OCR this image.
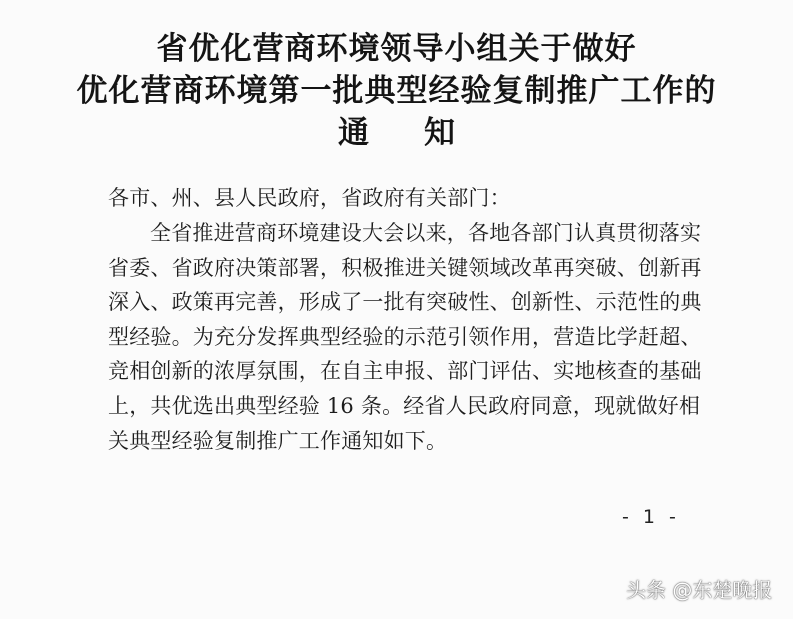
省优化营商环境领导小组关于做好
优化营商环境第一批典型经验复制推广工作的
通知
各市、州、县人民政府，省政府有关部门：
全省推进营商环境建设大会以来，各地各部门认真贯彻落实
省委、省政府决策部署，积极推进关键领域改革再突破、创新再
深入、政策再完善，形成了一批有突破性、创新性、示范性的典
型经验。为充分发挥典型经验的示范引领作用，营造比学赶超、
竞相创新的浓厚氛围，在自主申报、部门评估、实地核查的基础
上，共优选出典型经验 16 条。经省人民政府同意，现就做好相
关典型经验复制推广工作通知如下。
- 1 -
头条 @东楚晚报
